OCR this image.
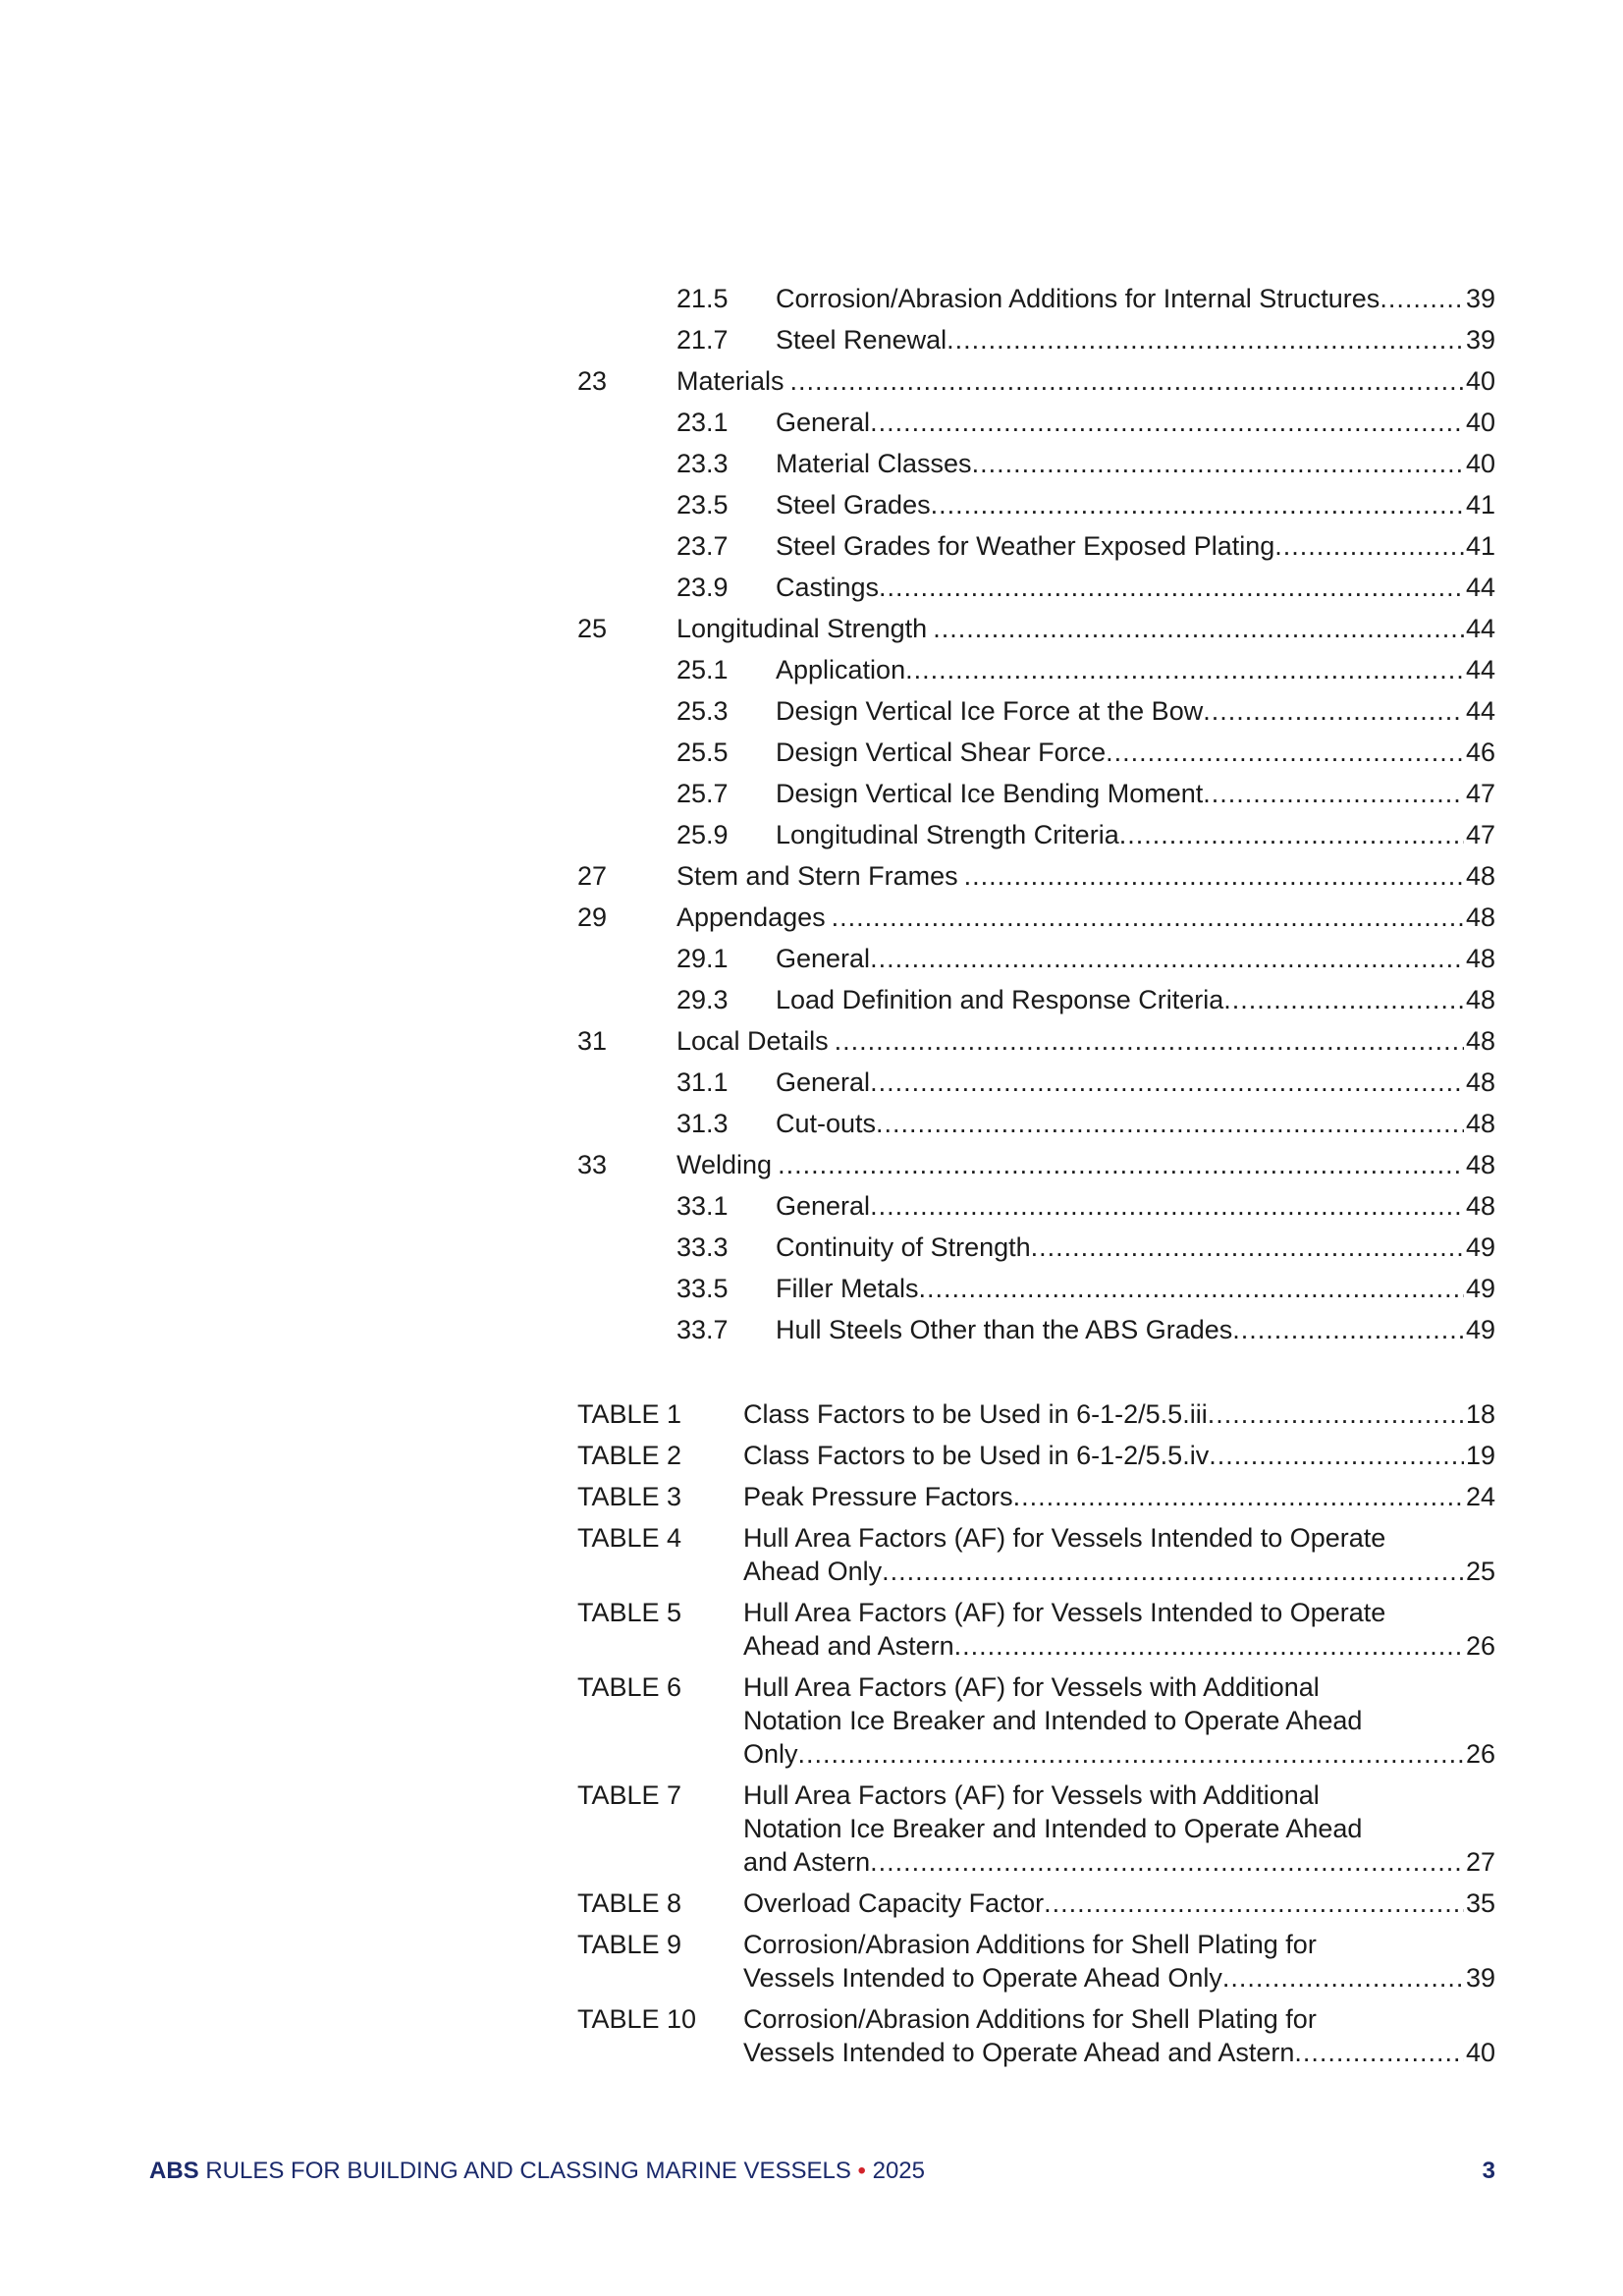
21.5 Corrosion/Abrasion Additions for Internal Structures .....	39
21.7 Steel Renewal .....	39
23	Materials .....	40
23.1 General .....	40
23.3 Material Classes .....	40
23.5 Steel Grades .....	41
23.7 Steel Grades for Weather Exposed Plating .....	41
23.9 Castings .....	44
25	Longitudinal Strength .....	44
25.1 Application .....	44
25.3 Design Vertical Ice Force at the Bow .....	44
25.5 Design Vertical Shear Force .....	46
25.7 Design Vertical Ice Bending Moment .....	47
25.9 Longitudinal Strength Criteria .....	47
27	Stem and Stern Frames .....	48
29	Appendages .....	48
29.1 General .....	48
29.3 Load Definition and Response Criteria .....	48
31	Local Details .....	48
31.1 General .....	48
31.3 Cut-outs .....	48
33	Welding .....	48
33.1 General .....	48
33.3 Continuity of Strength .....	49
33.5 Filler Metals .....	49
33.7 Hull Steels Other than the ABS Grades .....	49
TABLE 1 Class Factors to be Used in 6-1-2/5.5.iii .....	18
TABLE 2 Class Factors to be Used in 6-1-2/5.5.iv .....	19
TABLE 3 Peak Pressure Factors .....	24
TABLE 4 Hull Area Factors (AF) for Vessels Intended to Operate
Ahead Only .....	25
TABLE 5 Hull Area Factors (AF) for Vessels Intended to Operate
Ahead and Astern .....	26
TABLE 6 Hull Area Factors (AF) for Vessels with Additional
Notation Ice Breaker and Intended to Operate Ahead
Only .....	26
TABLE 7 Hull Area Factors (AF) for Vessels with Additional
Notation Ice Breaker and Intended to Operate Ahead
and Astern .....	27
TABLE 8 Overload Capacity Factor .....	35
TABLE 9 Corrosion/Abrasion Additions for Shell Plating for
Vessels Intended to Operate Ahead Only .....	39
TABLE 10 Corrosion/Abrasion Additions for Shell Plating for
Vessels Intended to Operate Ahead and Astern .....	40
ABS RULES FOR BUILDING AND CLASSING MARINE VESSELS • 2025	3
